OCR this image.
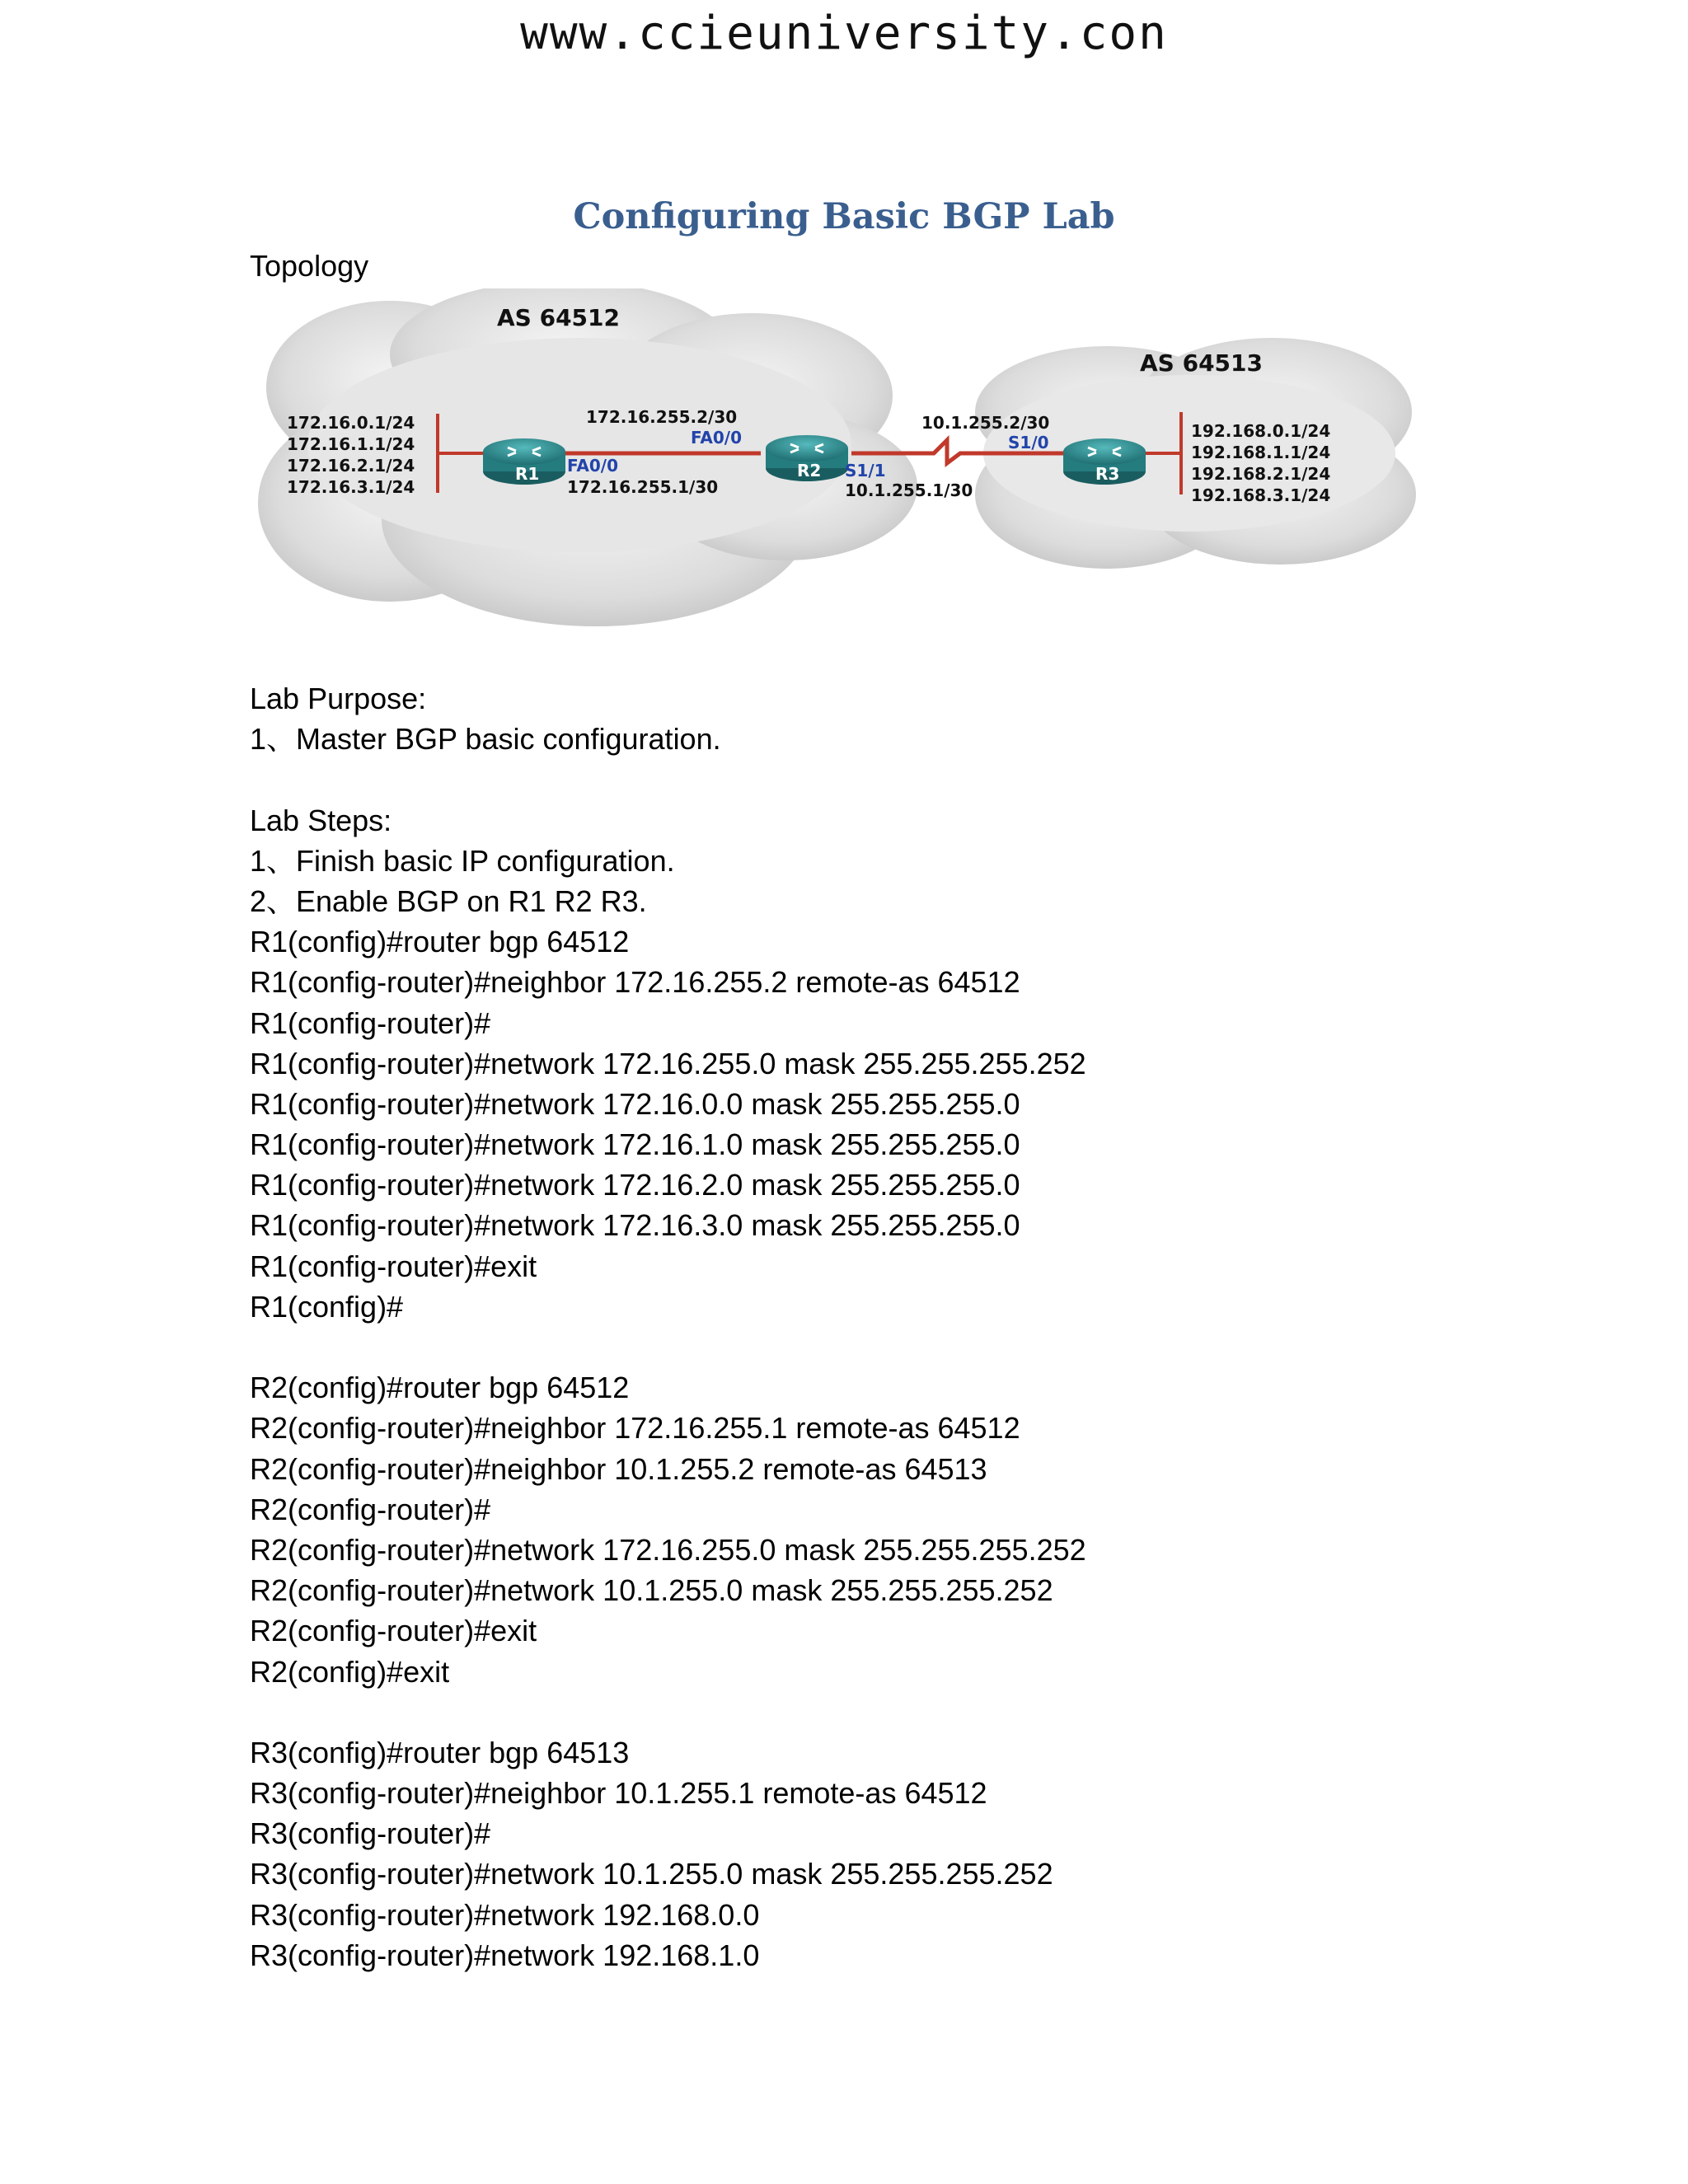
www.ccieuniversity.con
Configuring Basic BGP Lab
Topology
AS 64512
AS 64513
172.16.0.1/24
172.16.1.1/24
172.16.2.1/24
172.16.3.1/24
192.168.0.1/24
192.168.1.1/24
192.168.2.1/24
192.168.3.1/24
R1	R2	R3
172.16.255.2/30
FA0/0
FA0/0
172.16.255.1/30
10.1.255.2/30
S1/0
S1/1
10.1.255.1/30
Lab Purpose:
1、Master BGP basic configuration.
Lab Steps:
1、Finish basic IP configuration.
2、Enable BGP on R1 R2 R3.
R1(config)#router bgp 64512
R1(config-router)#neighbor 172.16.255.2 remote-as 64512
R1(config-router)#
R1(config-router)#network 172.16.255.0 mask 255.255.255.252
R1(config-router)#network 172.16.0.0 mask 255.255.255.0
R1(config-router)#network 172.16.1.0 mask 255.255.255.0
R1(config-router)#network 172.16.2.0 mask 255.255.255.0
R1(config-router)#network 172.16.3.0 mask 255.255.255.0
R1(config-router)#exit
R1(config)#
R2(config)#router bgp 64512
R2(config-router)#neighbor 172.16.255.1 remote-as 64512
R2(config-router)#neighbor 10.1.255.2 remote-as 64513
R2(config-router)#
R2(config-router)#network 172.16.255.0 mask 255.255.255.252
R2(config-router)#network 10.1.255.0 mask 255.255.255.252
R2(config-router)#exit
R2(config)#exit
R3(config)#router bgp 64513
R3(config-router)#neighbor 10.1.255.1 remote-as 64512
R3(config-router)#
R3(config-router)#network 10.1.255.0 mask 255.255.255.252
R3(config-router)#network 192.168.0.0
R3(config-router)#network 192.168.1.0
